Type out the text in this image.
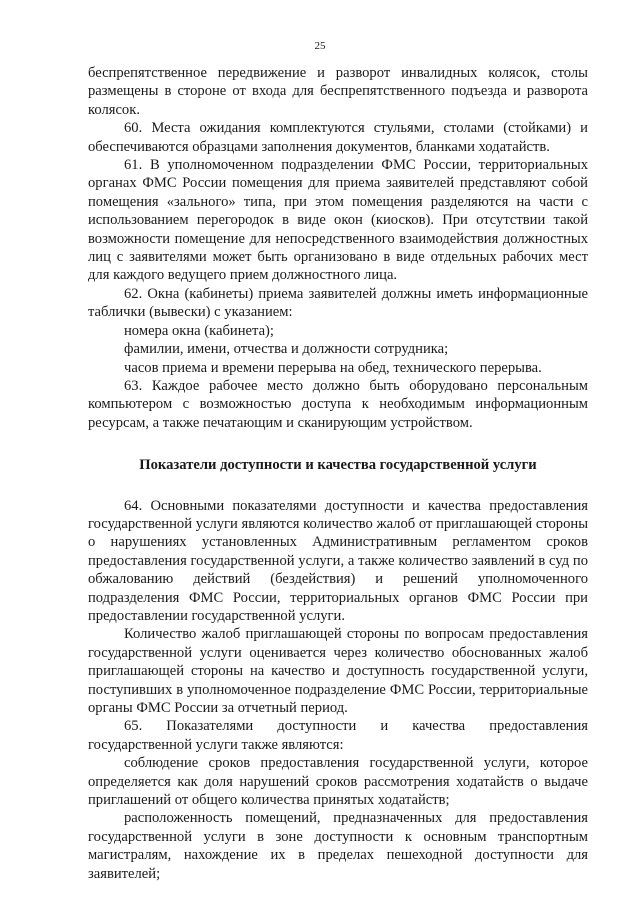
25

беспрепятственное передвижение и разворот инвалидных колясок, столы размещены в стороне от входа для беспрепятственного подъезда и разворота колясок.

60. Места ожидания комплектуются стульями, столами (стойками) и обеспечиваются образцами заполнения документов, бланками ходатайств.

61. В уполномоченном подразделении ФМС России, территориальных органах ФМС России помещения для приема заявителей представляют собой помещения «зального» типа, при этом помещения разделяются на части с использованием перегородок в виде окон (киосков). При отсутствии такой возможности помещение для непосредственного взаимодействия должностных лиц с заявителями может быть организовано в виде отдельных рабочих мест для каждого ведущего прием должностного лица.

62. Окна (кабинеты) приема заявителей должны иметь информационные таблички (вывески) с указанием:

номера окна (кабинета);

фамилии, имени, отчества и должности сотрудника;

часов приема и времени перерыва на обед, технического перерыва.

63. Каждое рабочее место должно быть оборудовано персональным компьютером с возможностью доступа к необходимым информационным ресурсам, а также печатающим и сканирующим устройством.

Показатели доступности и качества государственной услуги

64. Основными показателями доступности и качества предоставления государственной услуги являются количество жалоб от приглашающей стороны о нарушениях установленных Административным регламентом сроков предоставления государственной услуги, а также количество заявлений в суд по обжалованию действий (бездействия) и решений уполномоченного подразделения ФМС России, территориальных органов ФМС России при предоставлении государственной услуги.

Количество жалоб приглашающей стороны по вопросам предоставления государственной услуги оценивается через количество обоснованных жалоб приглашающей стороны на качество и доступность государственной услуги, поступивших в уполномоченное подразделение ФМС России, территориальные органы ФМС России за отчетный период.

65. Показателями доступности и качества предоставления государственной услуги также являются:

соблюдение сроков предоставления государственной услуги, которое определяется как доля нарушений сроков рассмотрения ходатайств о выдаче приглашений от общего количества принятых ходатайств;

расположенность помещений, предназначенных для предоставления государственной услуги в зоне доступности к основным транспортным магистралям, нахождение их в пределах пешеходной доступности для заявителей;
